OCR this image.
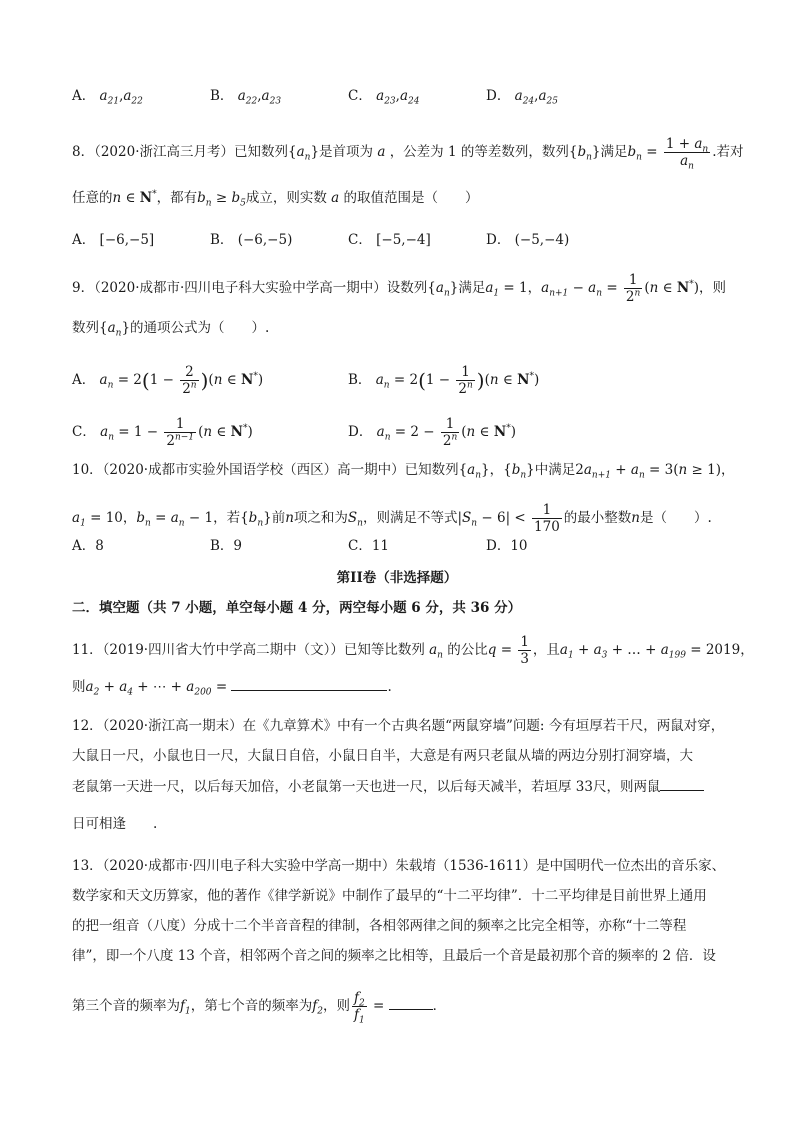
A． $a_{21},a_{22}$	B． $a_{22},a_{23}$	C． $a_{23},a_{24}$	D． $a_{24},a_{25}$
8．（2020·浙江高三月考）已知数列$\{a_n\}$是首项为 a ，公差为 1 的等差数列，数列$\{b_n\}$满足$b_n = \frac{1 + a_n}{a_n}$ .若对
任意的n ∈ N*，都有$b_n \ge b_5$成立，则实数 a 的取值范围是（　　）
A． [−6,−5]	B． (−6,−5)	C． [−5,−4]	D． (−5,−4)
9．（2020·成都市·四川电子科大实验中学高一期中）设数列$\{a_n\}$满足$a_1 = 1$，$a_{n+1} - a_n = \frac{1}{2^n} (n$ ∈ N*)，则
数列$\{a_n\}$的通项公式为（　　）.
A． $a_n = 2(1 - \frac{2}{2^n} )(n$ ∈ N*)	B． $a_n = 2(1 - \frac{1}{2^n} )(n$ ∈ N*)
C． $a_n = 1 - \frac{1}{2^{n-1}} (n$ ∈ N*)	D． $a_n = 2 - \frac{1}{2^n} (n$ ∈ N*)
10．（2020·成都市实验外国语学校（西区）高一期中）已知数列$\{a_n\}$，$\{b_n\}$中满足$2a_{n+1} + a_n = 3(n \ge 1)$，
$a_1 = 10$，$b_n = a_n - 1$，若$\{b_n\}$前n项之和为$S_n$，则满足不等式$|S_n - 6| < \frac{1}{170}$ 的最小整数n是（　　）.
A．8	B．9	C．11	D．10
第II卷（非选择题）
二．填空题（共 7 小题，单空每小题 4 分，两空每小题 6 分，共 36 分）
11．（2019·四川省大竹中学高二期中（文））已知等比数列 $a_n$ 的公比$q = \frac{1}{3}$ ，且$a_1 + a_3$ + … + $a_{199} = 2019$，
则$a_2 + a_4$ + ⋯ + $a_{200}$ =	.
12．（2020·浙江高一期末）在《九章算术》中有一个古典名题“两鼠穿墙”问题: 今有垣厚若干尺，两鼠对穿，
大鼠日一尺，小鼠也日一尺，大鼠日自倍，小鼠日自半，大意是有两只老鼠从墙的两边分别打洞穿墙，大
老鼠第一天进一尺，以后每天加倍，小老鼠第一天也进一尺，以后每天减半，若垣厚 33尺，则两鼠
日可相逢　　.
13．（2020·成都市·四川电子科大实验中学高一期中）朱载堉（1536-1611）是中国明代一位杰出的音乐家、
数学家和天文历算家，他的著作《律学新说》中制作了最早的“十二平均律”．十二平均律是目前世界上通用
的把一组音（八度）分成十二个半音音程的律制，各相邻两律之间的频率之比完全相等，亦称“十二等程
律”，即一个八度 13 个音，相邻两个音之间的频率之比相等，且最后一个音是最初那个音的频率的 2 倍．设
第三个音的频率为$f_1$，第七个音的频率为$f_2$，则 $\frac{f_2}{f_1}$ =	．
